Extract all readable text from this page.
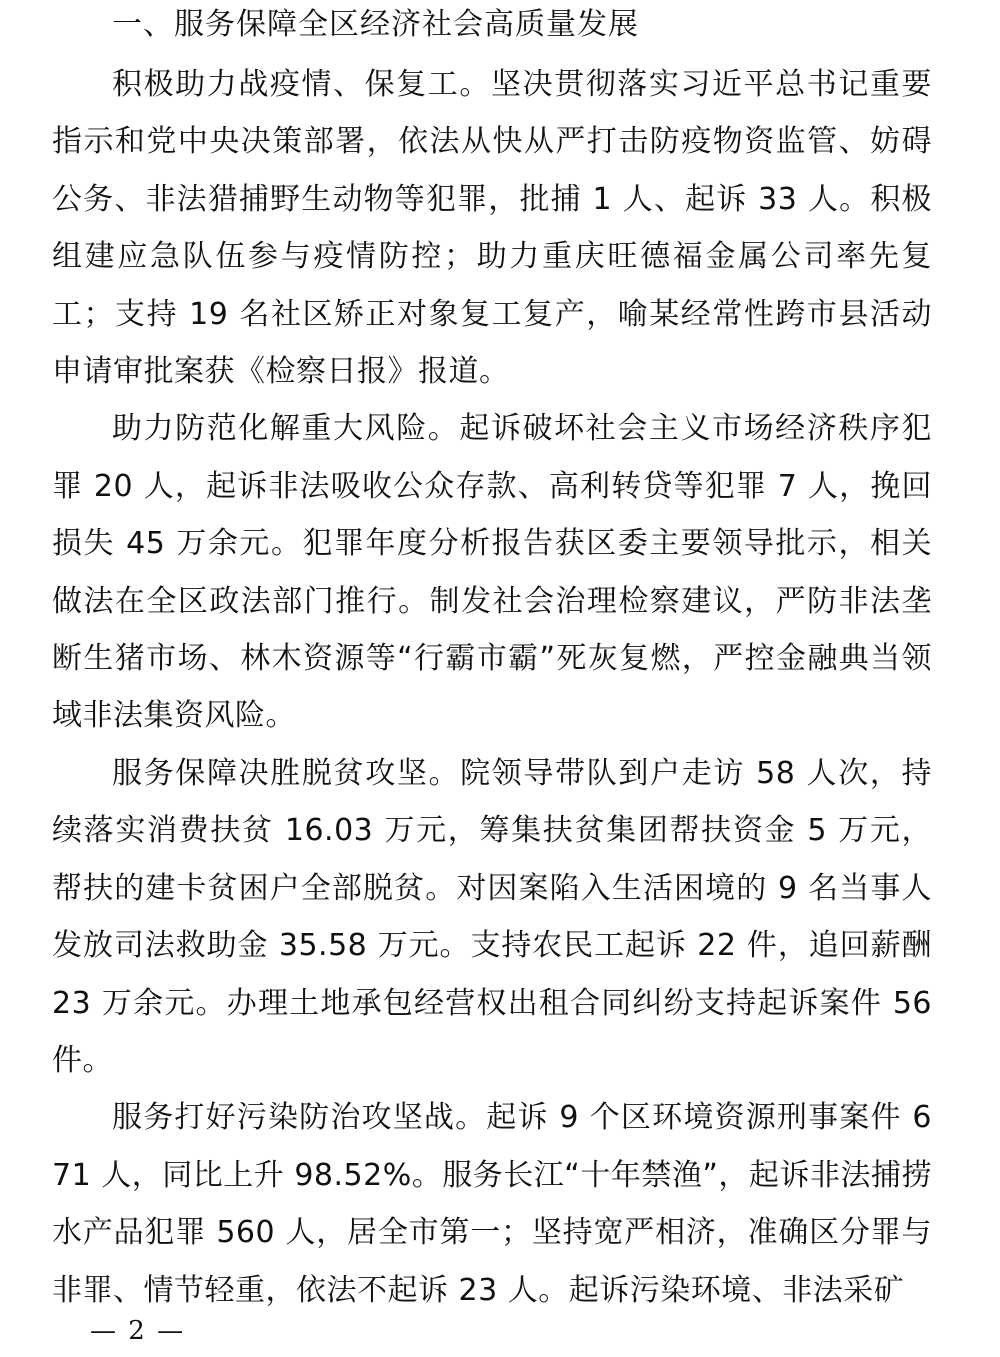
一、服务保障全区经济社会高质量发展

积极助力战疫情、保复工。坚决贯彻落实习近平总书记重要指示和党中央决策部署，依法从快从严打击防疫物资监管、妨碍公务、非法猎捕野生动物等犯罪，批捕 1 人、起诉 33 人。积极组建应急队伍参与疫情防控；助力重庆旺德福金属公司率先复工；支持 19 名社区矫正对象复工复产，喻某经常性跨市县活动申请审批案获《检察日报》报道。

助力防范化解重大风险。起诉破坏社会主义市场经济秩序犯罪 20 人，起诉非法吸收公众存款、高利转贷等犯罪 7 人，挽回损失 45 万余元。犯罪年度分析报告获区委主要领导批示，相关做法在全区政法部门推行。制发社会治理检察建议，严防非法垄断生猪市场、林木资源等“行霸市霸”死灰复燃，严控金融典当领域非法集资风险。

服务保障决胜脱贫攻坚。院领导带队到户走访 58 人次，持续落实消费扶贫 16.03 万元，筹集扶贫集团帮扶资金 5 万元，帮扶的建卡贫困户全部脱贫。对因案陷入生活困境的 9 名当事人发放司法救助金 35.58 万元。支持农民工起诉 22 件，追回薪酬 23 万余元。办理土地承包经营权出租合同纠纷支持起诉案件 56 件。

服务打好污染防治攻坚战。起诉 9 个区环境资源刑事案件 671 人，同比上升 98.52%。服务长江“十年禁渔”，起诉非法捕捞水产品犯罪 560 人，居全市第一；坚持宽严相济，准确区分罪与非罪、情节轻重，依法不起诉 23 人。起诉污染环境、非法采矿

— 2 —
